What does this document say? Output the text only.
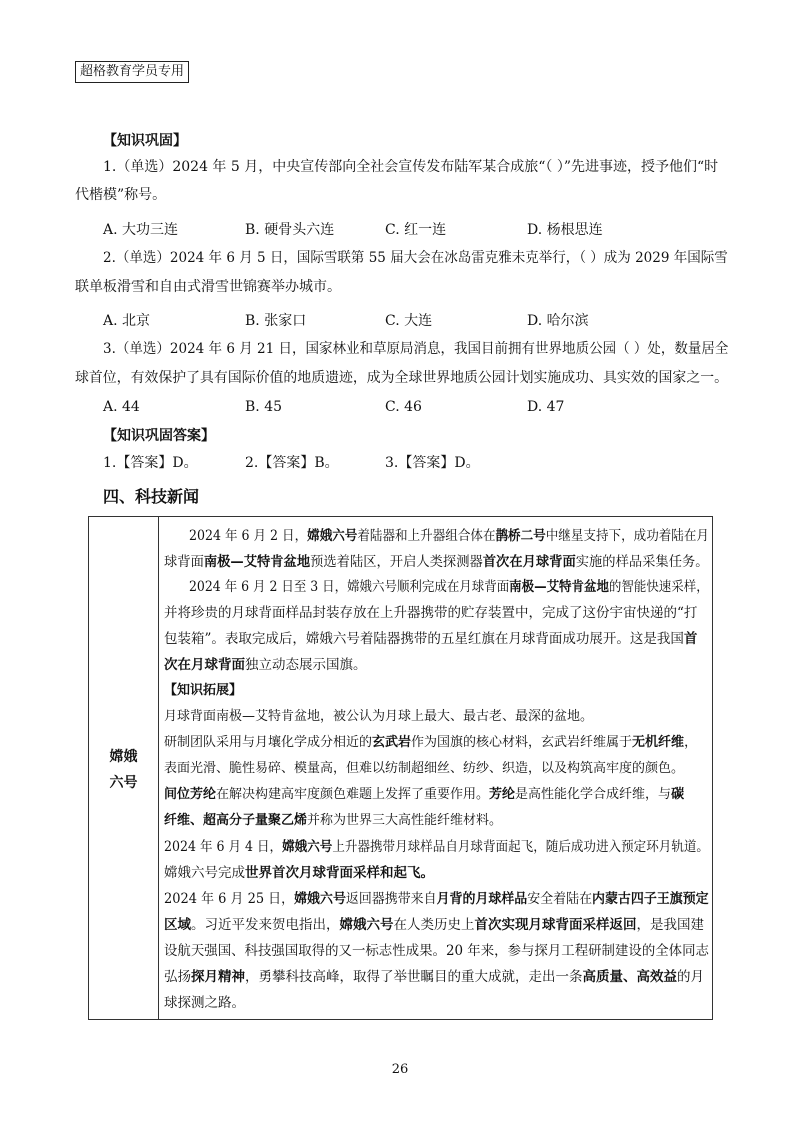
超格教育学员专用
【知识巩固】
1.（单选）2024 年 5 月，中央宣传部向全社会宣传发布陆军某合成旅“（ ）”先进事迹，授予他们“时
代楷模”称号。
A. 大功三连	B. 硬骨头六连	C. 红一连	D. 杨根思连
2.（单选）2024 年 6 月 5 日，国际雪联第 55 届大会在冰岛雷克雅未克举行，（ ）成为 2029 年国际雪
联单板滑雪和自由式滑雪世锦赛举办城市。
A. 北京	B. 张家口	C. 大连	D. 哈尔滨
3.（单选）2024 年 6 月 21 日，国家林业和草原局消息，我国目前拥有世界地质公园（ ）处，数量居全
球首位，有效保护了具有国际价值的地质遗迹，成为全球世界地质公园计划实施成功、具实效的国家之一。
A. 44	B. 45	C. 46	D. 47
【知识巩固答案】
1.【答案】D。	2.【答案】B。	3.【答案】D。
四、科技新闻
嫦娥
六号
2024 年 6 月 2 日，嫦娥六号着陆器和上升器组合体在鹊桥二号中继星支持下，成功着陆在月
球背面南极—艾特肯盆地预选着陆区，开启人类探测器首次在月球背面实施的样品采集任务。
2024 年 6 月 2 日至 3 日，嫦娥六号顺利完成在月球背面南极—艾特肯盆地的智能快速采样，
并将珍贵的月球背面样品封装存放在上升器携带的贮存装置中，完成了这份宇宙快递的“打
包装箱”。表取完成后，嫦娥六号着陆器携带的五星红旗在月球背面成功展开。这是我国首
次在月球背面独立动态展示国旗。
【知识拓展】
月球背面南极—艾特肯盆地，被公认为月球上最大、最古老、最深的盆地。
研制团队采用与月壤化学成分相近的玄武岩作为国旗的核心材料，玄武岩纤维属于无机纤维，
表面光滑、脆性易碎、模量高，但难以纺制超细丝、纺纱、织造，以及构筑高牢度的颜色。
间位芳纶在解决构建高牢度颜色难题上发挥了重要作用。芳纶是高性能化学合成纤维，与碳
纤维、超高分子量聚乙烯并称为世界三大高性能纤维材料。
2024 年 6 月 4 日，嫦娥六号上升器携带月球样品自月球背面起飞，随后成功进入预定环月轨道。
嫦娥六号完成世界首次月球背面采样和起飞。
2024 年 6 月 25 日，嫦娥六号返回器携带来自月背的月球样品安全着陆在内蒙古四子王旗预定
区域。习近平发来贺电指出，嫦娥六号在人类历史上首次实现月球背面采样返回，是我国建
设航天强国、科技强国取得的又一标志性成果。20 年来，参与探月工程研制建设的全体同志
弘扬探月精神，勇攀科技高峰，取得了举世瞩目的重大成就，走出一条高质量、高效益的月
球探测之路。
26
